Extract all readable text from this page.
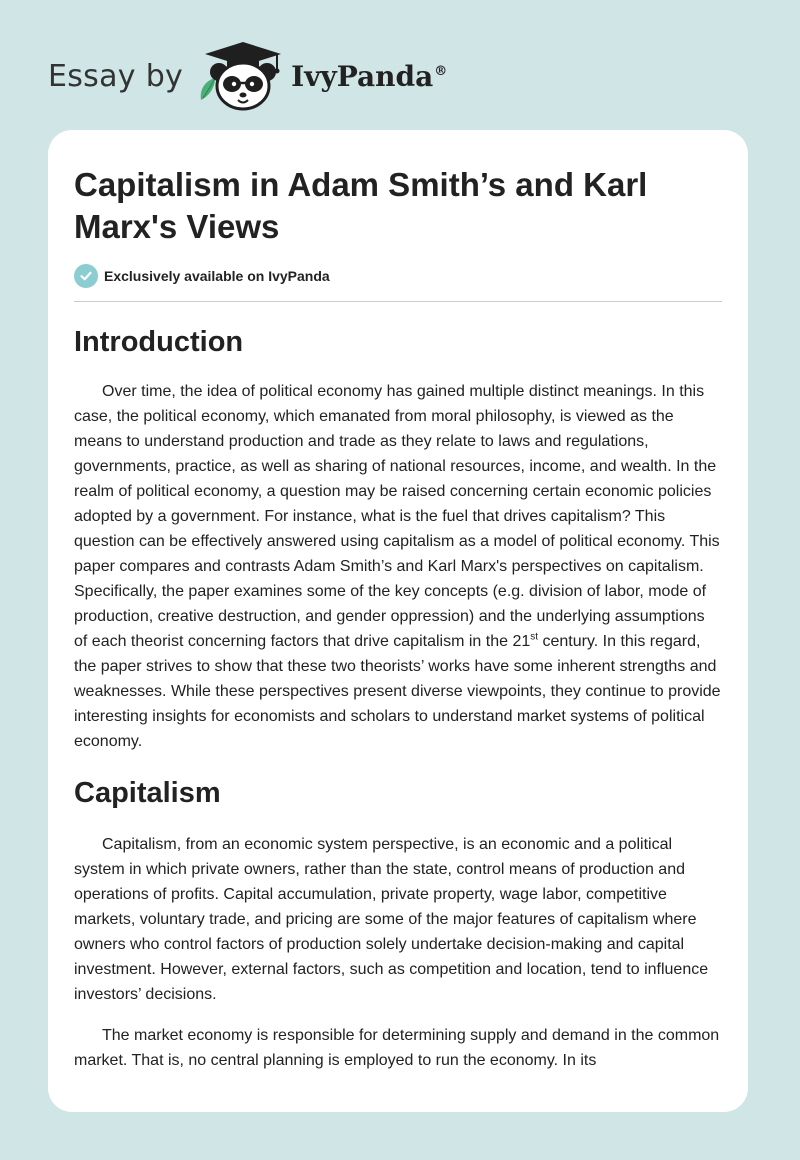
Essay by	IvyPanda®
Capitalism in Adam Smith’s and Karl Marx's Views
Exclusively available on IvyPanda
Introduction

Over time, the idea of political economy has gained multiple distinct meanings. In this case, the political economy, which emanated from moral philosophy, is viewed as the means to understand production and trade as they relate to laws and regulations, governments, practice, as well as sharing of national resources, income, and wealth. In the realm of political economy, a question may be raised concerning certain economic policies adopted by a government. For instance, what is the fuel that drives capitalism? This question can be effectively answered using capitalism as a model of political economy. This paper compares and contrasts Adam Smith’s and Karl Marx's perspectives on capitalism. Specifically, the paper examines some of the key concepts (e.g. division of labor, mode of production, creative destruction, and gender oppression) and the underlying assumptions of each theorist concerning factors that drive capitalism in the 21st century. In this regard, the paper strives to show that these two theorists’ works have some inherent strengths and weaknesses. While these perspectives present diverse viewpoints, they continue to provide interesting insights for economists and scholars to understand market systems of political economy.

Capitalism

Capitalism, from an economic system perspective, is an economic and a political system in which private owners, rather than the state, control means of production and operations of profits. Capital accumulation, private property, wage labor, competitive markets, voluntary trade, and pricing are some of the major features of capitalism where owners who control factors of production solely undertake decision-making and capital investment. However, external factors, such as competition and location, tend to influence investors’ decisions.

The market economy is responsible for determining supply and demand in the common market. That is, no central planning is employed to run the economy. In its
